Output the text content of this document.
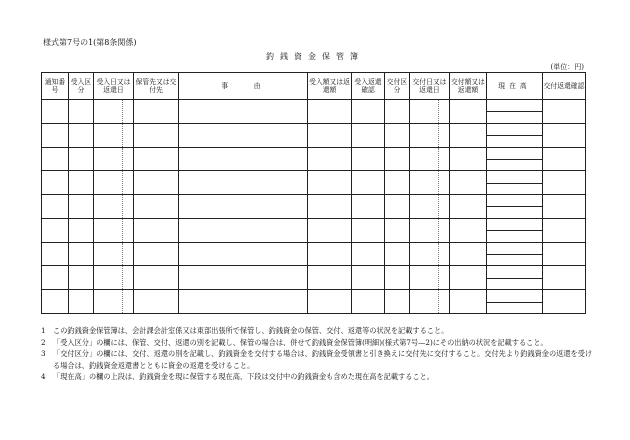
様式第7号の1(第8条関係)
釣銭資金保管簿
(単位：円)
通知番号	受入区分	受入日又は返還日		保管先又は交付先	事　　由	受入額又は返還額	受入返還確認	交付区分	交付日又は返還日		交付額又は返還額	現在高	交付返還確認

1	この釣銭資金保管簿は、会計課会計室係又は東部出張所で保管し、釣銭資金の保管、交付、返還等の状況を記載すること。
2	「受入区分」の欄には、保管、交付、返還の別を記載し、保管の場合は、併せて釣銭資金保管簿(明細)(様式第7号—2)にその出納の状況を記載すること。
3	「交付区分」の欄には、交付、返還の別を記載し、釣銭資金を交付する場合は、釣銭資金受領書と引き換えに交付先に交付すること。交付先より釣銭資金の返還を受ける場合は、釣銭資金返還書とともに資金の返還を受けること。
4	「現在高」の欄の上段は、釣銭資金を現に保管する現在高、下段は交付中の釣銭資金も含めた現在高を記載すること。
